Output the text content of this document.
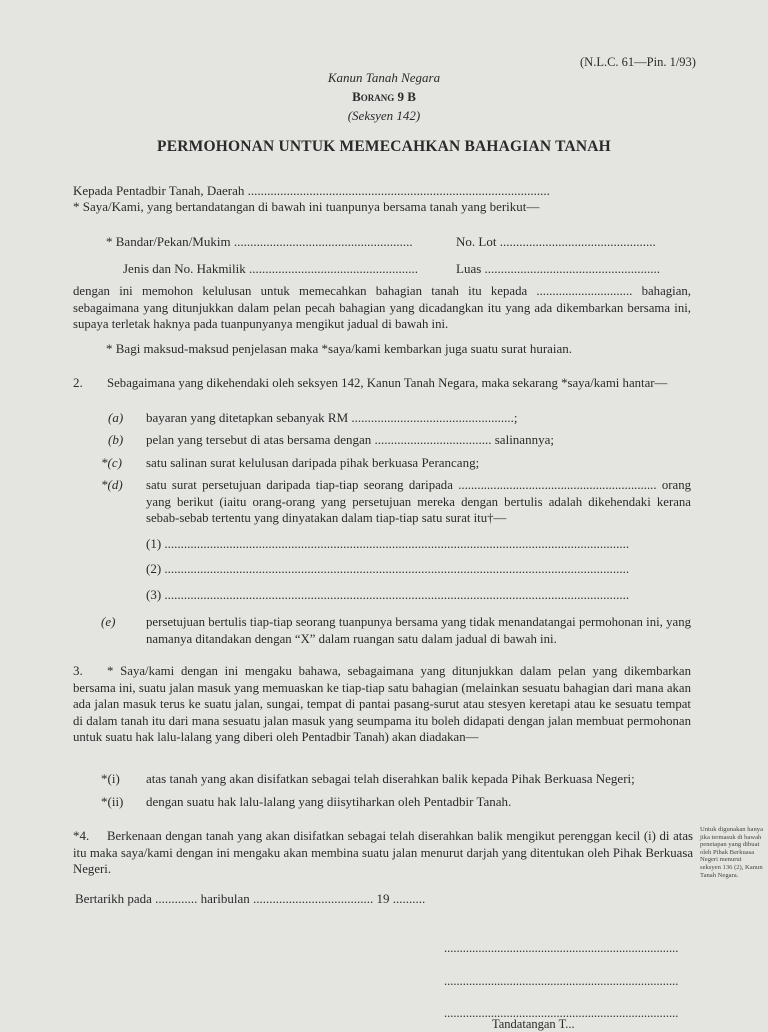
(N.L.C. 61—Pin. 1/93)
Kanun Tanah Negara
Borang 9 B
(Seksyen 142)
PERMOHONAN UNTUK MEMECAHKAN BAHAGIAN TANAH
Kepada Pentadbir Tanah, Daerah .............................................................................................
* Saya/Kami, yang bertandatangan di bawah ini tuanpunya bersama tanah yang berikut—
* Bandar/Pekan/Mukim .......................................................	No. Lot ................................................
Jenis dan No. Hakmilik ....................................................	Luas ......................................................
dengan ini memohon kelulusan untuk memecahkan bahagian tanah itu kepada .............................. bahagian, sebagaimana yang ditunjukkan dalam pelan pecah bahagian yang dicadangkan itu yang ada dikembarkan bersama ini, supaya terletak haknya pada tuanpunyanya mengikut jadual di bawah ini.
* Bagi maksud-maksud penjelasan maka *saya/kami kembarkan juga suatu surat huraian.
2.	Sebagaimana yang dikehendaki oleh seksyen 142, Kanun Tanah Negara, maka sekarang *saya/kami hantar—
(a) bayaran yang ditetapkan sebanyak RM ..................................................;
(b) pelan yang tersebut di atas bersama dengan .................................... salinannya;
*(c) satu salinan surat kelulusan daripada pihak berkuasa Perancang;
*(d) satu surat persetujuan daripada tiap-tiap seorang daripada .............................................................. orang yang berikut (iaitu orang-orang yang persetujuan mereka dengan bertulis adalah dikehendaki kerana sebab-sebab tertentu yang dinyatakan dalam tiap-tiap satu surat itu†—
(1) ...............................................................................................................................................
(2) ...............................................................................................................................................
(3) ...............................................................................................................................................
(e) persetujuan bertulis tiap-tiap seorang tuanpunya bersama yang tidak menandatangai permohonan ini, yang namanya ditandakan dengan “X” dalam ruangan satu dalam jadual di bawah ini.
3.	* Saya/kami dengan ini mengaku bahawa, sebagaimana yang ditunjukkan dalam pelan yang dikembarkan bersama ini, suatu jalan masuk yang memuaskan ke tiap-tiap satu bahagian (melainkan sesuatu bahagian dari mana akan ada jalan masuk terus ke suatu jalan, sungai, tempat di pantai pasang-surut atau stesyen keretapi atau ke sesuatu tempat di dalam tanah itu dari mana sesuatu jalan masuk yang seumpama itu boleh didapati dengan jalan membuat permohonan untuk suatu hak lalu-lalang yang diberi oleh Pentadbir Tanah) akan diadakan—
*(i) atas tanah yang akan disifatkan sebagai telah diserahkan balik kepada Pihak Berkuasa Negeri;
*(ii) dengan suatu hak lalu-lalang yang diisytiharkan oleh Pentadbir Tanah.
*4.	Berkenaan dengan tanah yang akan disifatkan sebagai telah diserahkan balik mengikut perenggan kecil (i) di atas itu maka saya/kami dengan ini mengaku akan membina suatu jalan menurut darjah yang ditentukan oleh Pihak Berkuasa Negeri.
Untuk digunakan hanya jika termasuk di bawah penetapan yang dibuat oleh Pihak Berkuasa Negeri menurut seksyen 136 (2), Kanun Tanah Negara.
Bertarikh pada ............. haribulan ..................................... 19 ..........
...........................................................................
...........................................................................
...........................................................................
Tandatangan T...
